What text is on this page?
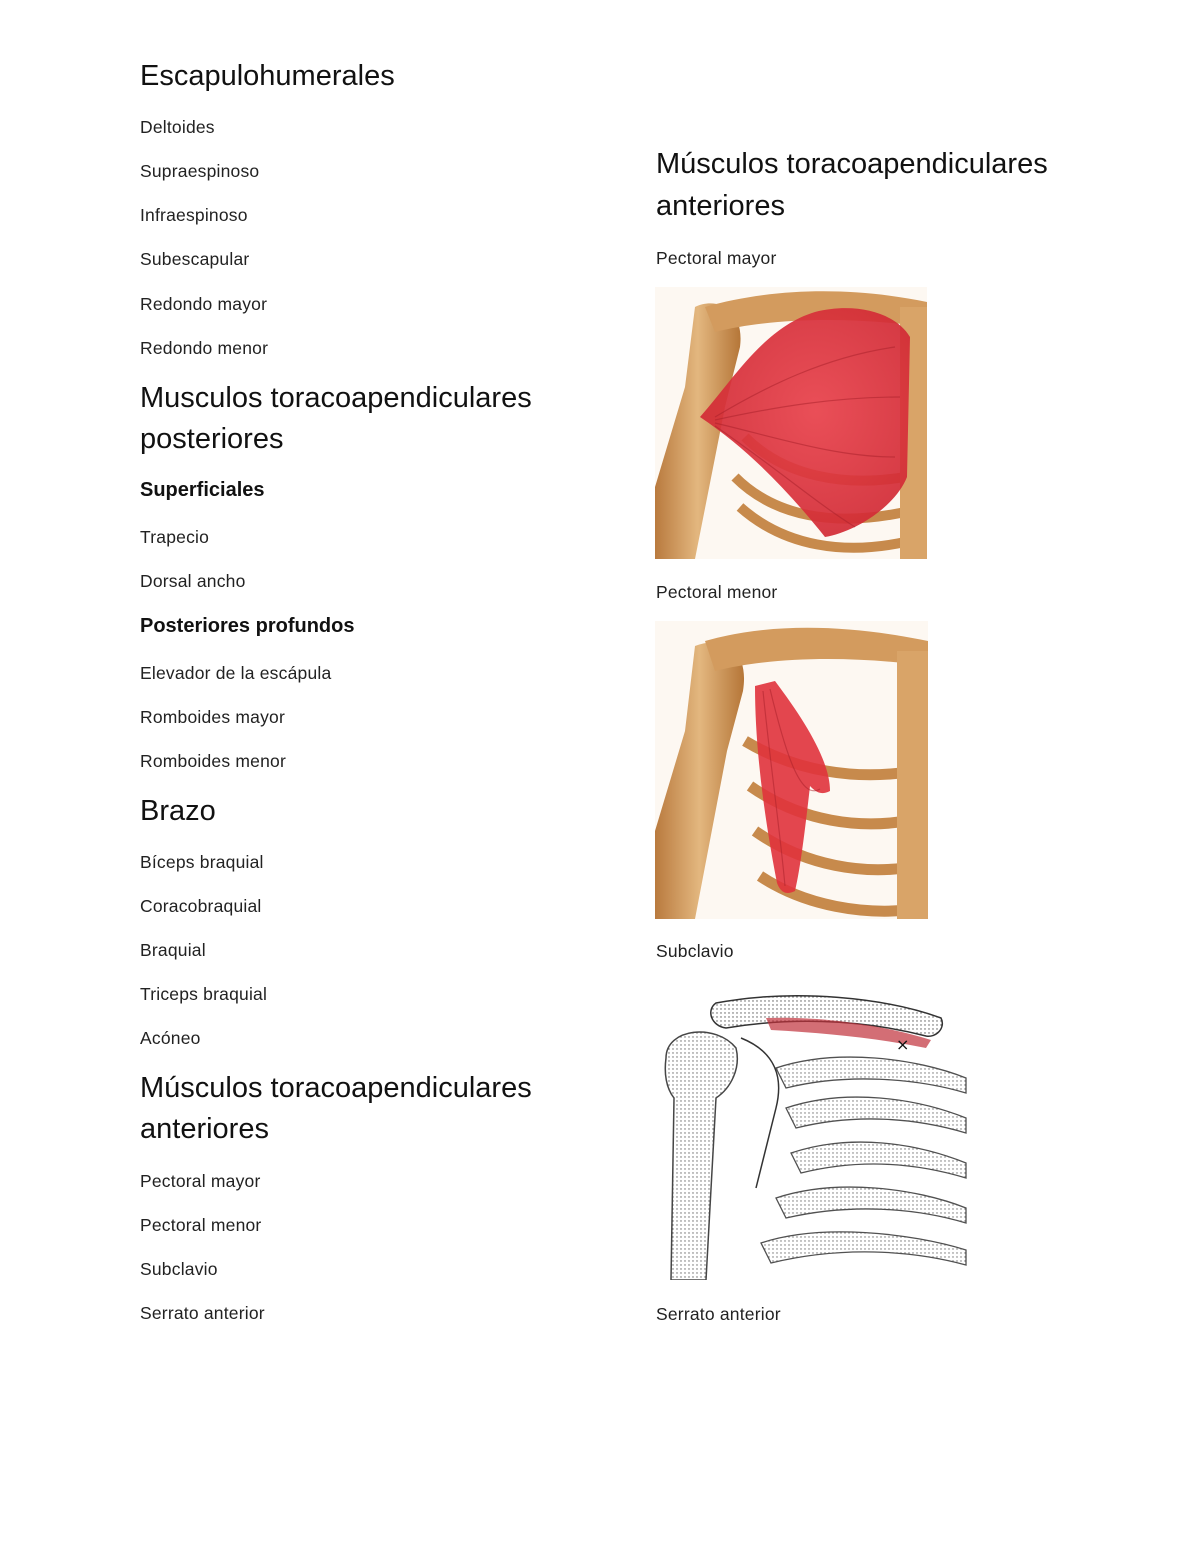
Escapulohumerales

Deltoides

Supraespinoso

Infraespinoso

Subescapular

Redondo mayor

Redondo menor

Musculos toracoapendiculares

posteriores

Superficiales

Trapecio

Dorsal ancho

Posteriores profundos

Elevador de la escápula

Romboides mayor

Romboides menor

Brazo

Bíceps braquial

Coracobraquial

Braquial

Triceps braquial

Acóneo

Músculos toracoapendiculares

anteriores

Pectoral mayor

Pectoral menor

Subclavio

Serrato anterior

Músculos toracoapendiculares

anteriores

Pectoral mayor

Pectoral menor

Subclavio

×

Serrato anterior
